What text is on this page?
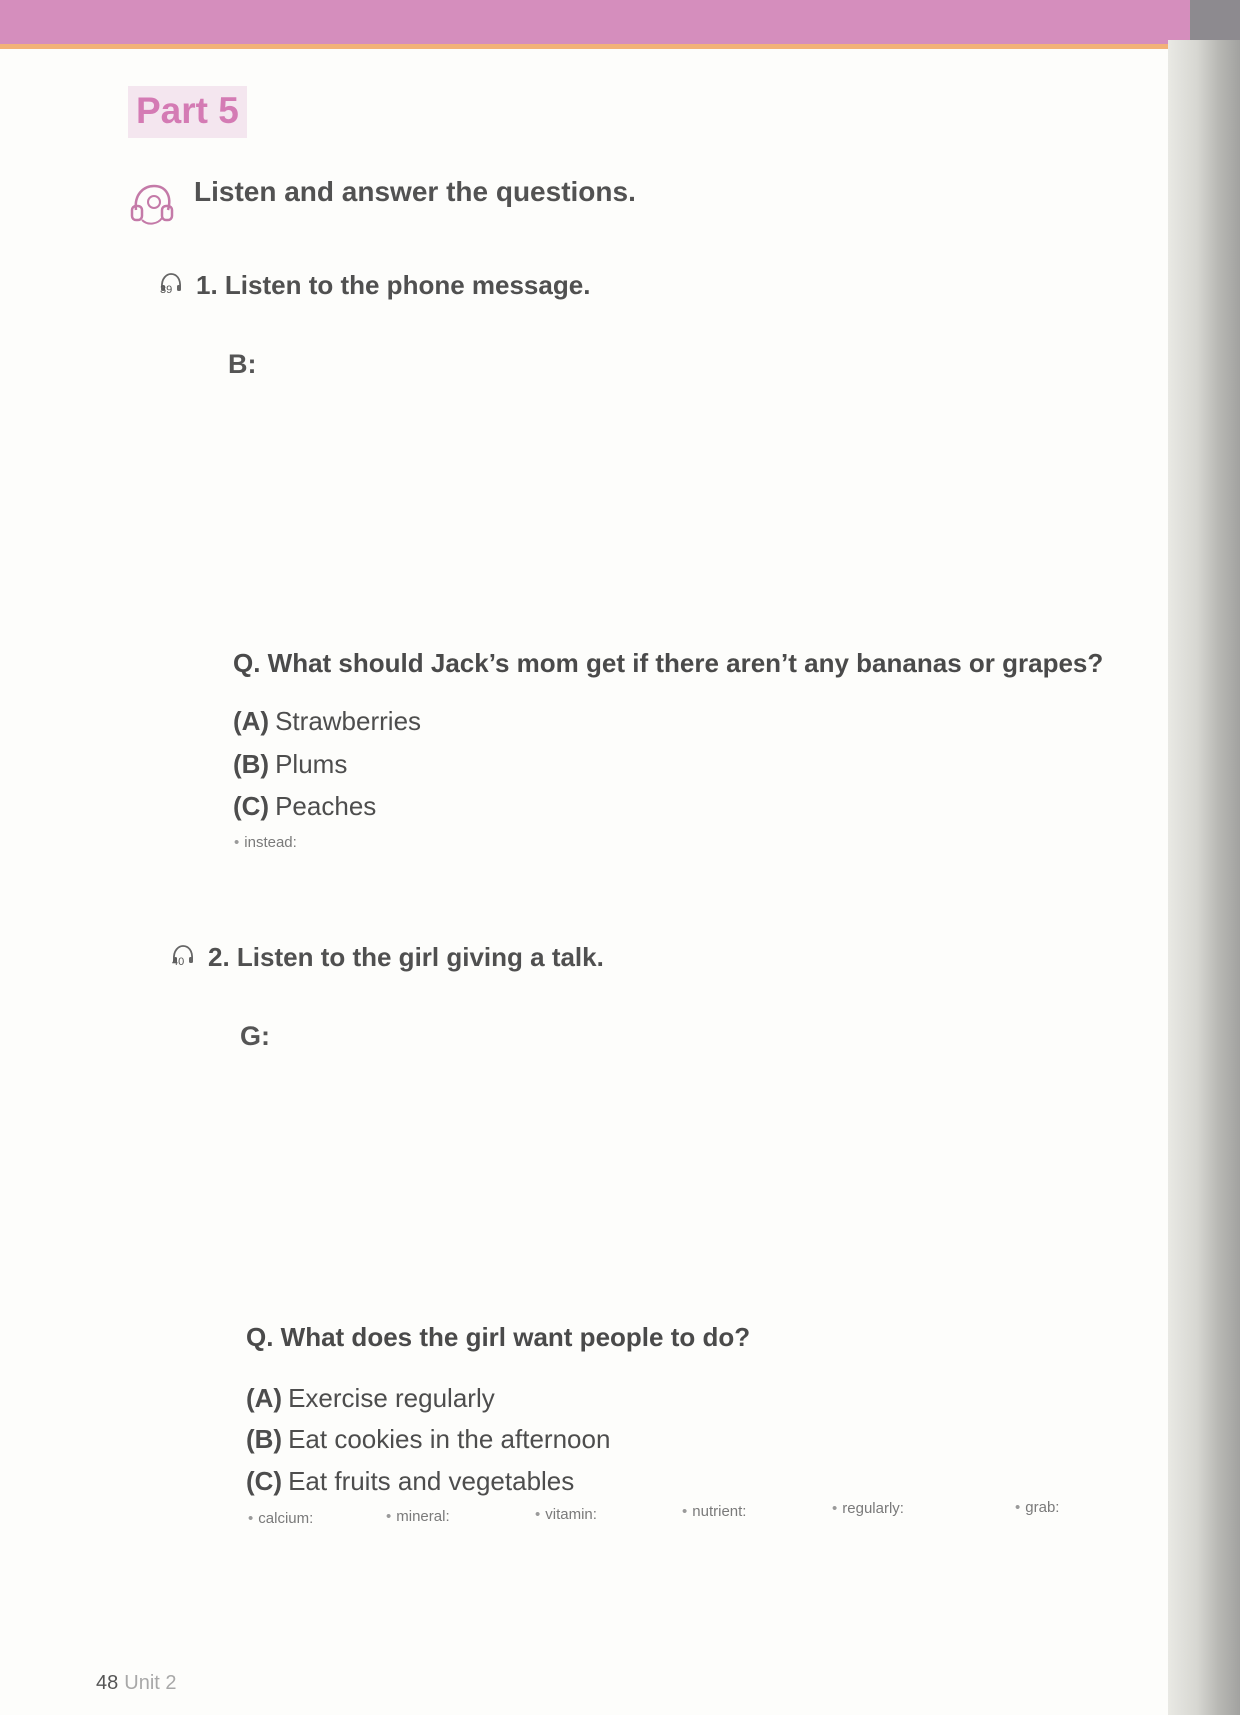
Part 5
Listen and answer the questions.
39 1. Listen to the phone message.
B:
Q. What should Jack’s mom get if there aren’t any bananas or grapes?
(A) Strawberries
(B) Plums
(C) Peaches
• instead:
40 2. Listen to the girl giving a talk.
G:
Q. What does the girl want people to do?
(A) Exercise regularly
(B) Eat cookies in the afternoon
(C) Eat fruits and vegetables
• calcium:	• mineral:	• vitamin:	• nutrient:	• regularly:	• grab:
48 Unit 2
